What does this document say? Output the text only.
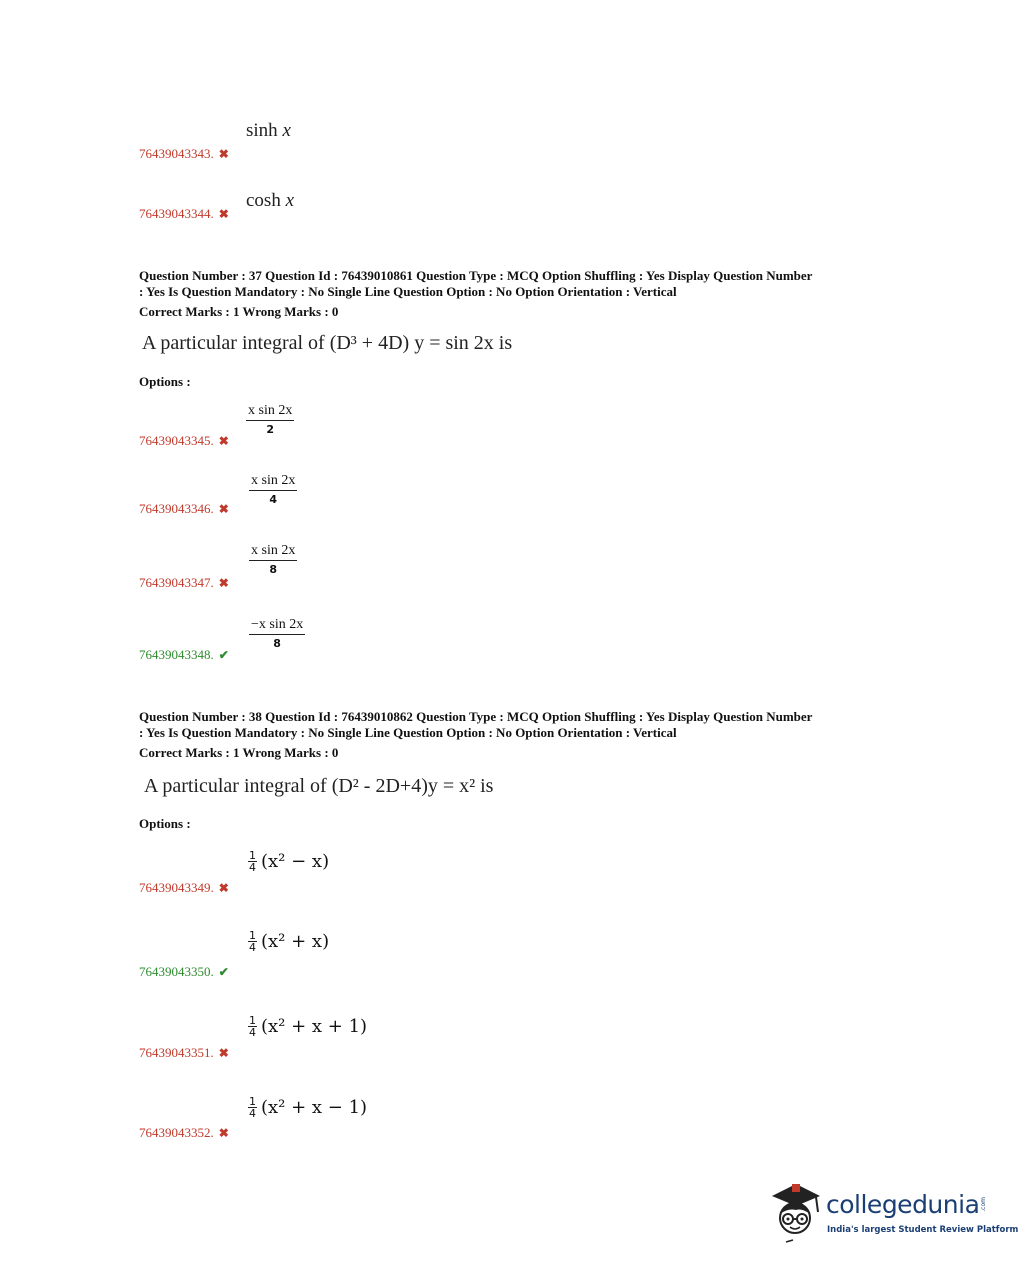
sinh x
76439043343.✖
cosh x
76439043344.✖
Question Number : 37 Question Id : 76439010861 Question Type : MCQ Option Shuffling : Yes Display Question Number
: Yes Is Question Mandatory : No Single Line Question Option : No Option Orientation : Vertical
Correct Marks : 1 Wrong Marks : 0
A particular integral of (D³ + 4D) y = sin 2x is
Options :
x sin 2x
2
76439043345.✖
x sin 2x
4
76439043346.✖
x sin 2x
8
76439043347.✖
−x sin 2x
8
76439043348.✔
Question Number : 38 Question Id : 76439010862 Question Type : MCQ Option Shuffling : Yes Display Question Number
: Yes Is Question Mandatory : No Single Line Question Option : No Option Orientation : Vertical
Correct Marks : 1 Wrong Marks : 0
A particular integral of (D² - 2D+4)y = x² is
Options :
$\frac{1}{4} (x^2 - x)$
76439043349.✖
$\frac{1}{4} (x^2 + x)$
76439043350.✔
$\frac{1}{4} (x^2 + x + 1)$
76439043351.✖
$\frac{1}{4} (x^2 + x - 1)$
76439043352.✖
collegedunia .com
India's largest Student Review Platform
